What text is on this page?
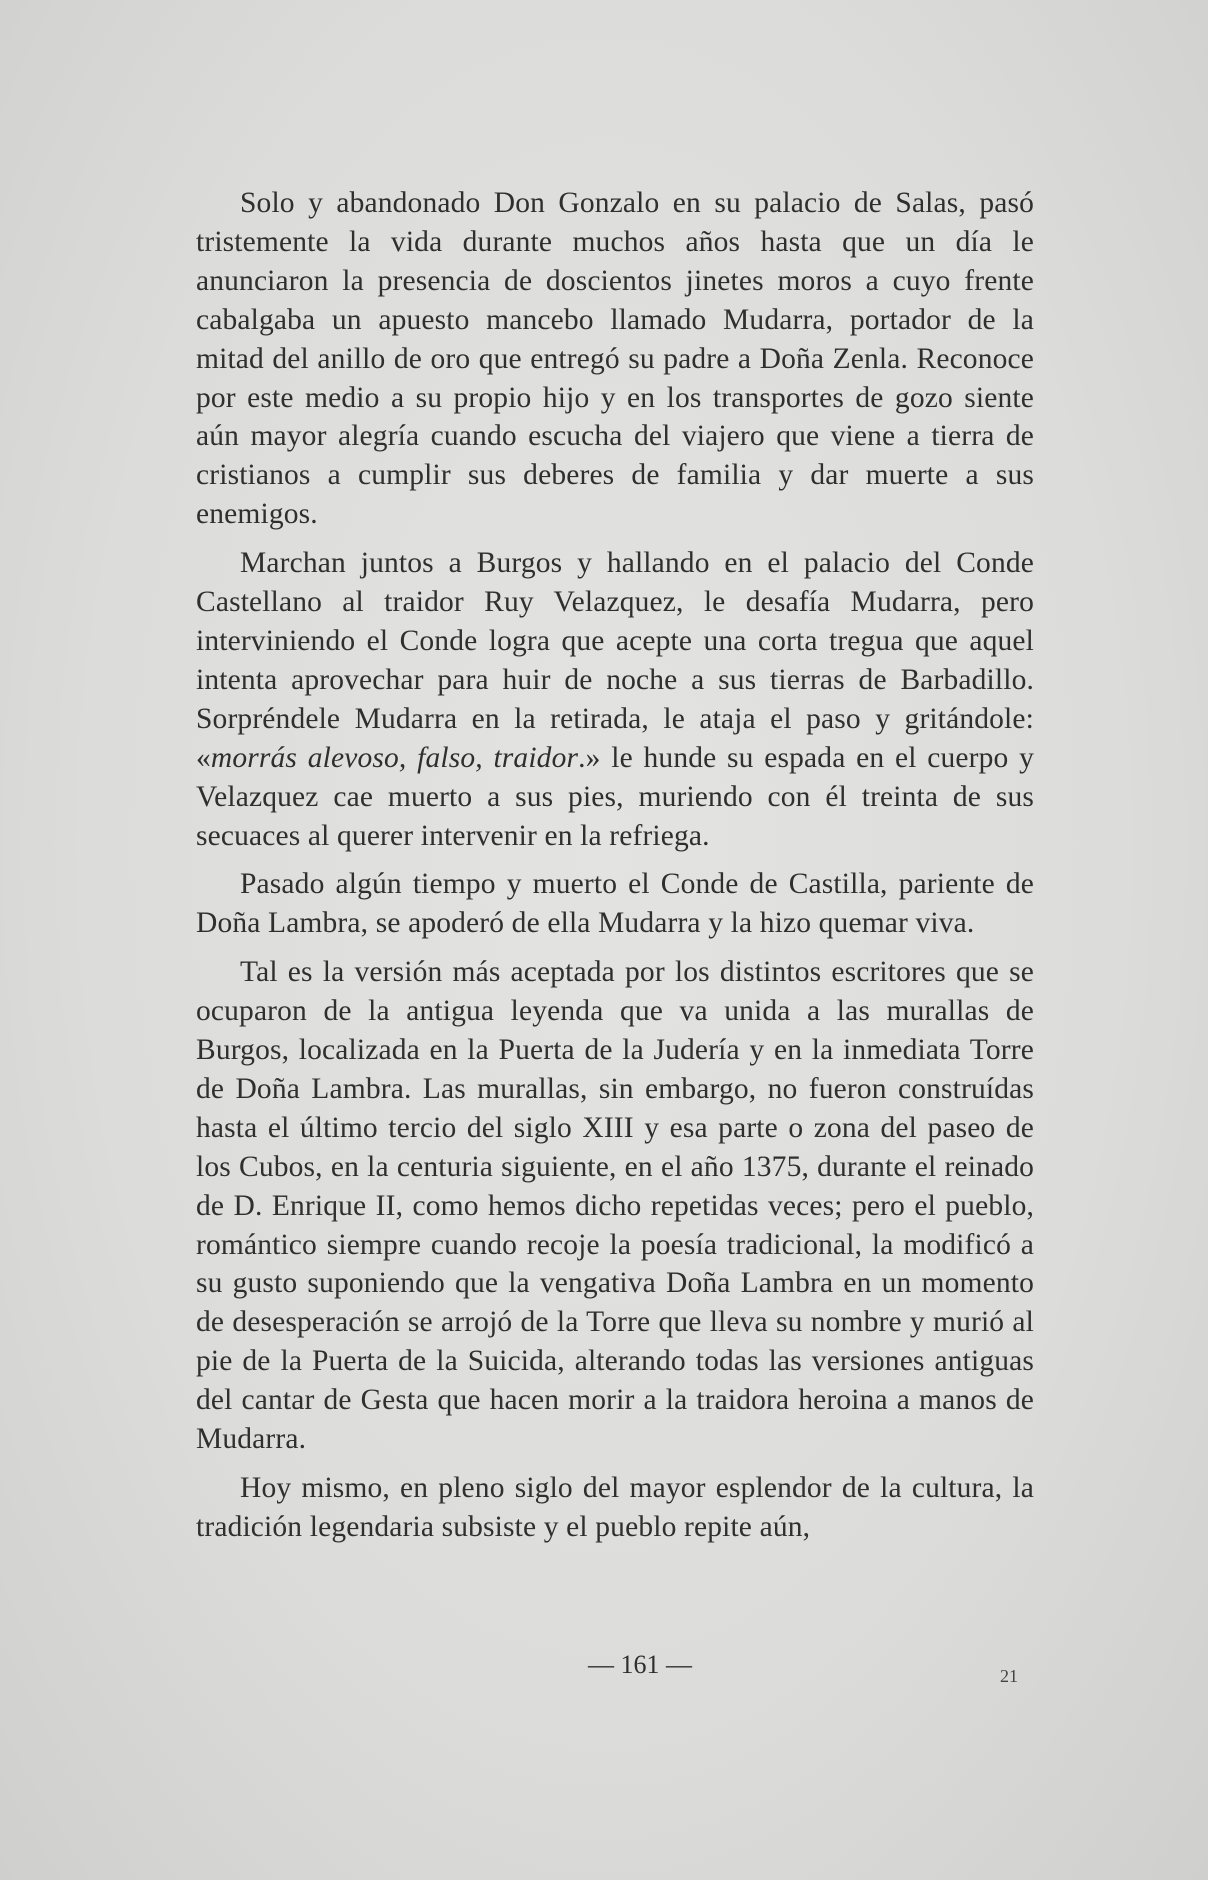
Solo y abandonado Don Gonzalo en su palacio de Salas, pasó tristemente la vida durante muchos años hasta que un día le anunciaron la presencia de doscientos jinetes moros a cuyo frente cabalgaba un apuesto mancebo llamado Mudarra, portador de la mitad del anillo de oro que entregó su padre a Doña Zenla. Reconoce por este medio a su propio hijo y en los transportes de gozo siente aún mayor alegría cuando escucha del viajero que viene a tierra de cristianos a cumplir sus deberes de familia y dar muerte a sus enemigos.

Marchan juntos a Burgos y hallando en el palacio del Conde Castellano al traidor Ruy Velazquez, le desafía Mudarra, pero interviniendo el Conde logra que acepte una corta tregua que aquel intenta aprovechar para huir de noche a sus tierras de Barbadillo. Sorpréndele Mudarra en la retirada, le ataja el paso y gritándole: «morrás alevoso, falso, traidor.» le hunde su espada en el cuerpo y Velazquez cae muerto a sus pies, muriendo con él treinta de sus secuaces al querer intervenir en la refriega.

Pasado algún tiempo y muerto el Conde de Castilla, pariente de Doña Lambra, se apoderó de ella Mudarra y la hizo quemar viva.

Tal es la versión más aceptada por los distintos escritores que se ocuparon de la antigua leyenda que va unida a las murallas de Burgos, localizada en la Puerta de la Judería y en la inmediata Torre de Doña Lambra. Las murallas, sin embargo, no fueron construídas hasta el último tercio del siglo XIII y esa parte o zona del paseo de los Cubos, en la centuria siguiente, en el año 1375, durante el reinado de D. Enrique II, como hemos dicho repetidas veces; pero el pueblo, romántico siempre cuando recoje la poesía tradicional, la modificó a su gusto suponiendo que la vengativa Doña Lambra en un momento de desesperación se arrojó de la Torre que lleva su nombre y murió al pie de la Puerta de la Suicida, alterando todas las versiones antiguas del cantar de Gesta que hacen morir a la traidora heroina a manos de Mudarra.

Hoy mismo, en pleno siglo del mayor esplendor de la cultura, la tradición legendaria subsiste y el pueblo repite aún,

— 161 —	21
